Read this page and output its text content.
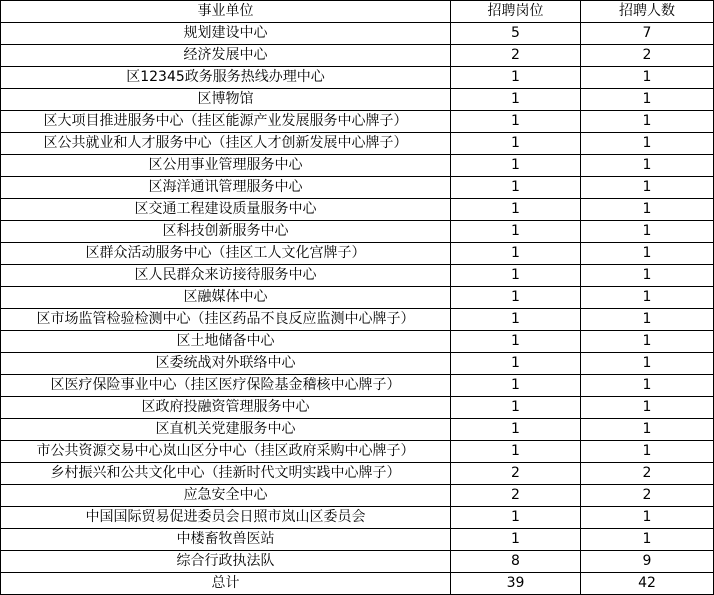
事业单位	招聘岗位	招聘人数
规划建设中心	5	7
经济发展中心	2	2
区12345政务服务热线办理中心	1	1
区博物馆	1	1
区大项目推进服务中心（挂区能源产业发展服务中心牌子）	1	1
区公共就业和人才服务中心（挂区人才创新发展中心牌子）	1	1
区公用事业管理服务中心	1	1
区海洋通讯管理服务中心	1	1
区交通工程建设质量服务中心	1	1
区科技创新服务中心	1	1
区群众活动服务中心（挂区工人文化宫牌子）	1	1
区人民群众来访接待服务中心	1	1
区融媒体中心	1	1
区市场监管检验检测中心（挂区药品不良反应监测中心牌子）	1	1
区土地储备中心	1	1
区委统战对外联络中心	1	1
区医疗保险事业中心（挂区医疗保险基金稽核中心牌子）	1	1
区政府投融资管理服务中心	1	1
区直机关党建服务中心	1	1
市公共资源交易中心岚山区分中心（挂区政府采购中心牌子）	1	1
乡村振兴和公共文化中心（挂新时代文明实践中心牌子）	2	2
应急安全中心	2	2
中国国际贸易促进委员会日照市岚山区委员会	1	1
中楼畜牧兽医站	1	1
综合行政执法队	8	9
总计	39	42
